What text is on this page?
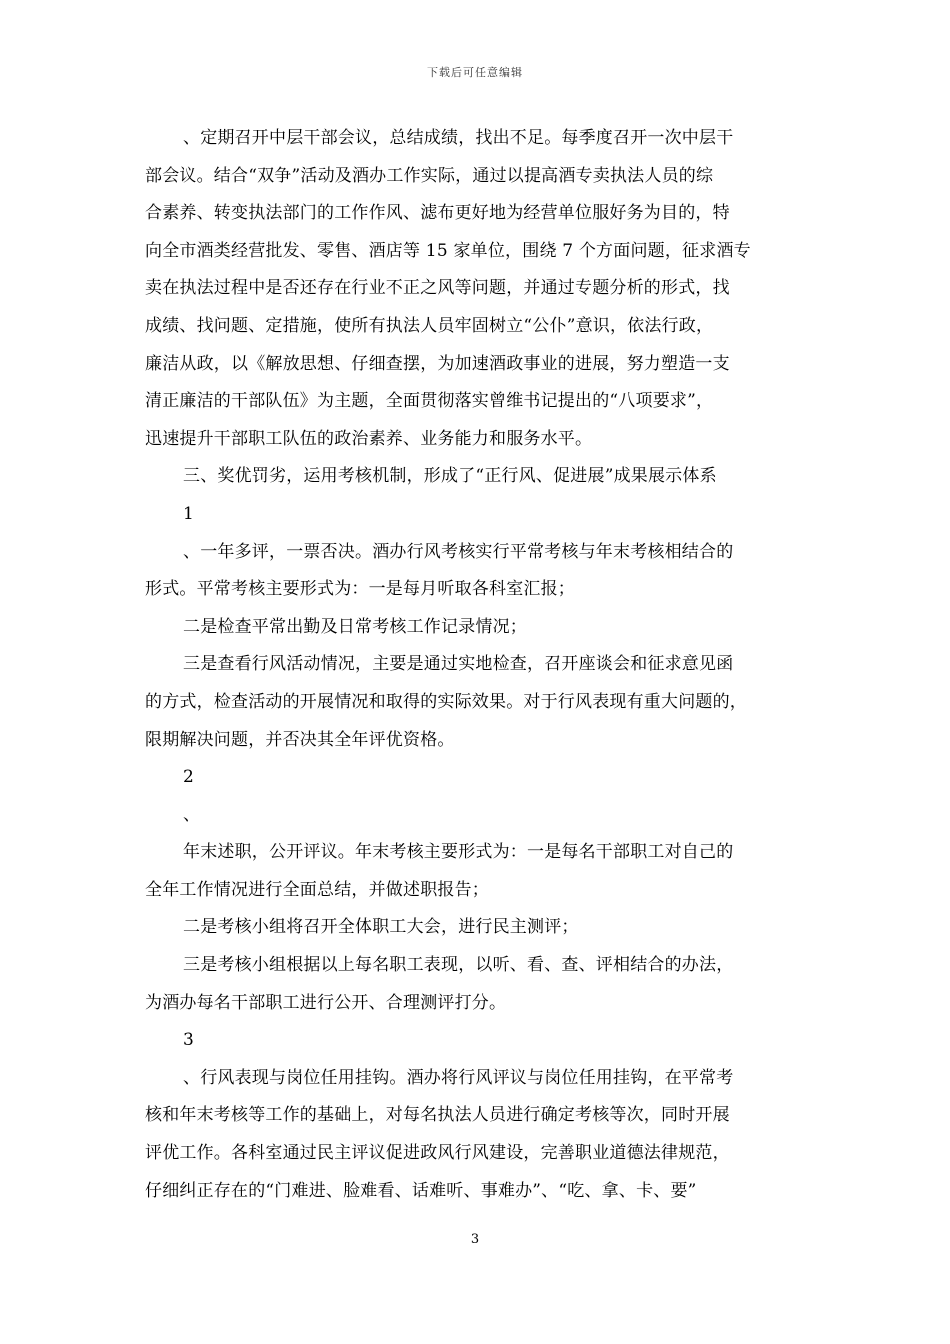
下载后可任意编辑
、定期召开中层干部会议，总结成绩，找出不足。每季度召开一次中层干
部会议。结合“双争”活动及酒办工作实际，通过以提高酒专卖执法人员的综
合素养、转变执法部门的工作作风、滤布更好地为经营单位服好务为目的，特
向全市酒类经营批发、零售、酒店等 15 家单位，围绕 7 个方面问题，征求酒专
卖在执法过程中是否还存在行业不正之风等问题，并通过专题分析的形式，找
成绩、找问题、定措施，使所有执法人员牢固树立“公仆”意识，依法行政，
廉洁从政，以《解放思想、仔细查摆，为加速酒政事业的进展，努力塑造一支
清正廉洁的干部队伍》为主题，全面贯彻落实曾维书记提出的“八项要求”，
迅速提升干部职工队伍的政治素养、业务能力和服务水平。
三、奖优罚劣，运用考核机制，形成了“正行风、促进展”成果展示体系
1
、一年多评，一票否决。酒办行风考核实行平常考核与年末考核相结合的
形式。平常考核主要形式为：一是每月听取各科室汇报；
二是检查平常出勤及日常考核工作记录情况；
三是查看行风活动情况，主要是通过实地检查，召开座谈会和征求意见函
的方式，检查活动的开展情况和取得的实际效果。对于行风表现有重大问题的，
限期解决问题，并否决其全年评优资格。
2
、
年末述职，公开评议。年末考核主要形式为：一是每名干部职工对自己的
全年工作情况进行全面总结，并做述职报告；
二是考核小组将召开全体职工大会，进行民主测评；
三是考核小组根据以上每名职工表现，以听、看、查、评相结合的办法，
为酒办每名干部职工进行公开、合理测评打分。
3
、行风表现与岗位任用挂钩。酒办将行风评议与岗位任用挂钩，在平常考
核和年末考核等工作的基础上，对每名执法人员进行确定考核等次，同时开展
评优工作。各科室通过民主评议促进政风行风建设，完善职业道德法律规范，
仔细纠正存在的“门难进、脸难看、话难听、事难办”、“吃、拿、卡、要”
3
